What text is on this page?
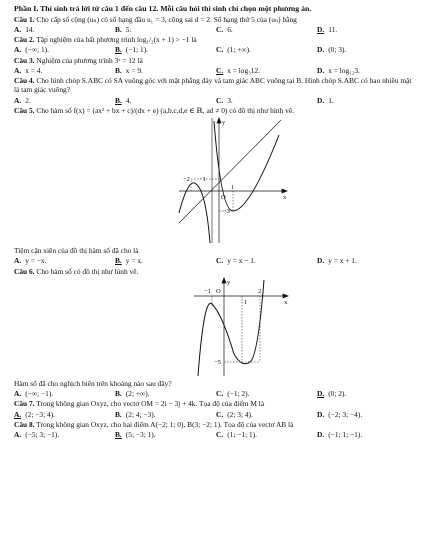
Phần I. Thí sinh trả lời từ câu 1 đến câu 12. Mỗi câu hỏi thí sinh chỉ chọn một phương án.
Câu 1. Cho cấp số cộng (uₙ) có số hạng đầu u₁ = 3, công sai d = 2. Số hạng thứ 5 của (uₙ) bằng
A. 14.	B. 5.	C. 6.	D. 11.
Câu 2. Tập nghiệm của bất phương trình log₁/₂(x + 1) > −1 là
A. (−∞; 1).	B. (−1; 1).	C. (1; +∞).	D. (0; 3).
Câu 3. Nghiệm của phương trình 3ˣ = 12 là
A. x = 4.	B. x = 9.	C. x = log₃12.	D. x = log₁₂3.
Câu 4. Cho hình chóp S.ABC có SA vuông góc với mặt phẳng đáy và tam giác ABC vuông tại B. Hình chóp S.ABC có bao nhiêu mặt là tam giác vuông?
A. 2.	B. 4.	C. 3.	D. 1.
Câu 5. Cho hàm số f(x) = (ax² + bx + c)/(dx + e) (a,b,c,d,e ∈ ℝ, ad ≠ 0) có đồ thị như hình vẽ.
y
x
O
−2 −1
1
−3
Tiệm cận xiên của đồ thị hàm số đã cho là
A. y = −x.	B. y = x.	C. y = x − 1.	D. y = x + 1.
Câu 6. Cho hàm số có đồ thị như hình vẽ.
y
x
O	2
−1
1
−5
Hàm số đã cho nghịch biến trên khoảng nào sau đây?
A. (−∞; −1).	B. (2; +∞).	C. (−1; 2).	D. (0; 2).
Câu 7. Trong không gian Oxyz, cho vectơ OM = 2i − 3j + 4k. Tọa độ của điểm M là
A. (2; −3; 4).	B. (2; 4; −3).	C. (2; 3; 4).	D. (−2; 3; −4).
Câu 8. Trong không gian Oxyz, cho hai điểm A(−2; 1; 0), B(3; −2; 1). Tọa độ của vectơ AB là
A. (−5; 3; −1).	B. (5; −3; 1).	C. (1; −1; 1).	D. (−1; 1; −1).
